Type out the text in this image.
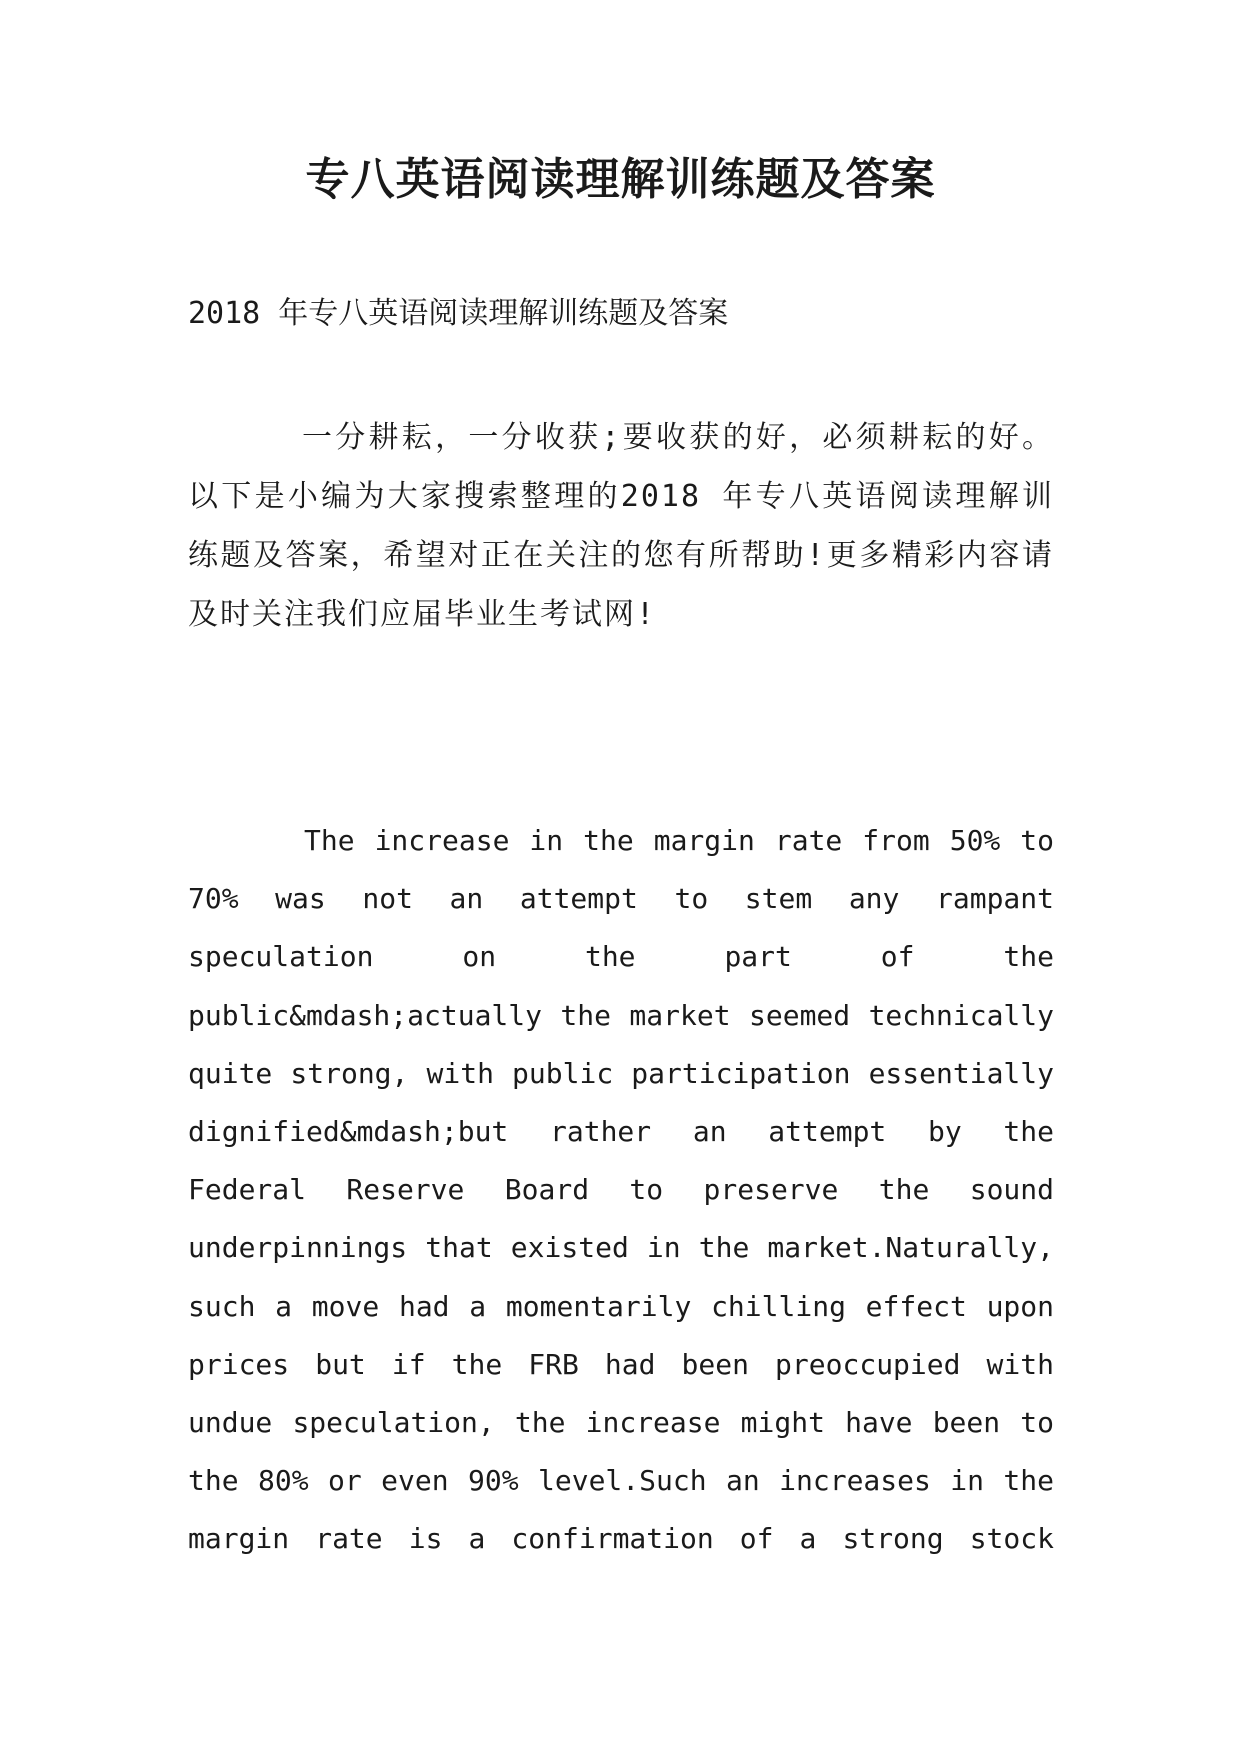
专八英语阅读理解训练题及答案

2018 年专八英语阅读理解训练题及答案

一分耕耘，一分收获;要收获的好，必须耕耘的好。以下是小编为大家搜索整理的2018 年专八英语阅读理解训练题及答案，希望对正在关注的您有所帮助!更多精彩内容请及时关注我们应届毕业生考试网!

The increase in the margin rate from 50% to 70% was not an attempt to stem any rampant speculation on the part of the public&mdash;actually the market seemed technically quite strong, with public participation essentially dignified&mdash;but rather an attempt by the Federal Reserve Board to preserve the sound underpinnings that existed in the market.Naturally, such a move had a momentarily chilling effect upon prices but if the FRB had been preoccupied with undue speculation, the increase might have been to the 80% or even 90% level.Such an increases in the margin rate is a confirmation of a strong stock
